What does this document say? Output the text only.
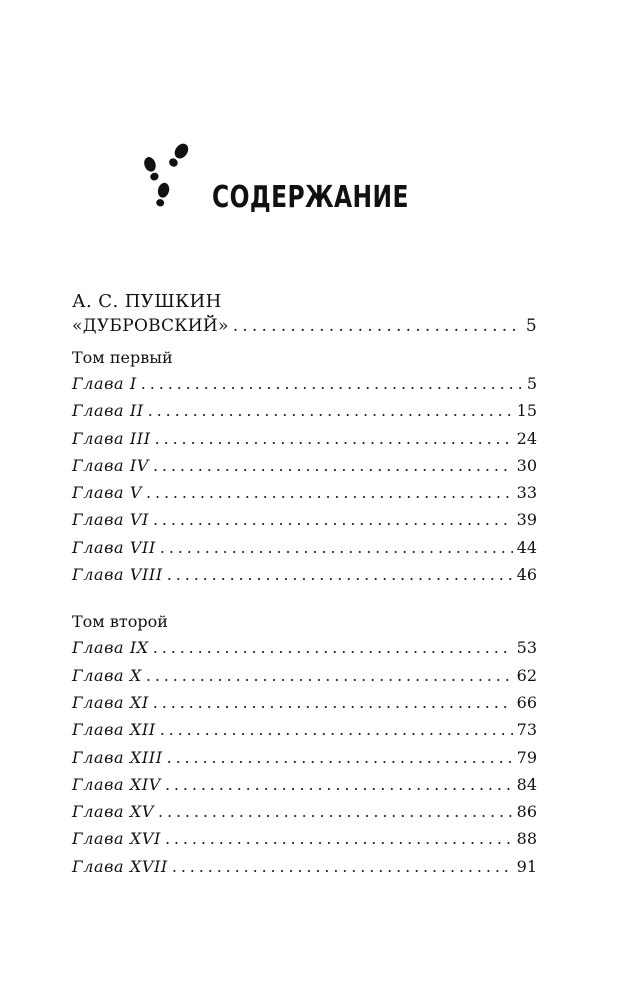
СОДЕРЖАНИЕ
А. С. ПУШКИН
«ДУБРОВСКИЙ» . . .	5
Том первый
Глава I . . .	5
Глава II . . .	15
Глава III . . .	24
Глава IV . . .	30
Глава V . . .	33
Глава VI . . .	39
Глава VII . . .	44
Глава VIII . . .	46
Том второй
Глава IX . . .	53
Глава X . . .	62
Глава XI . . .	66
Глава XII . . .	73
Глава XIII . . .	79
Глава XIV . . .	84
Глава XV . . .	86
Глава XVI . . .	88
Глава XVII . . .	91
